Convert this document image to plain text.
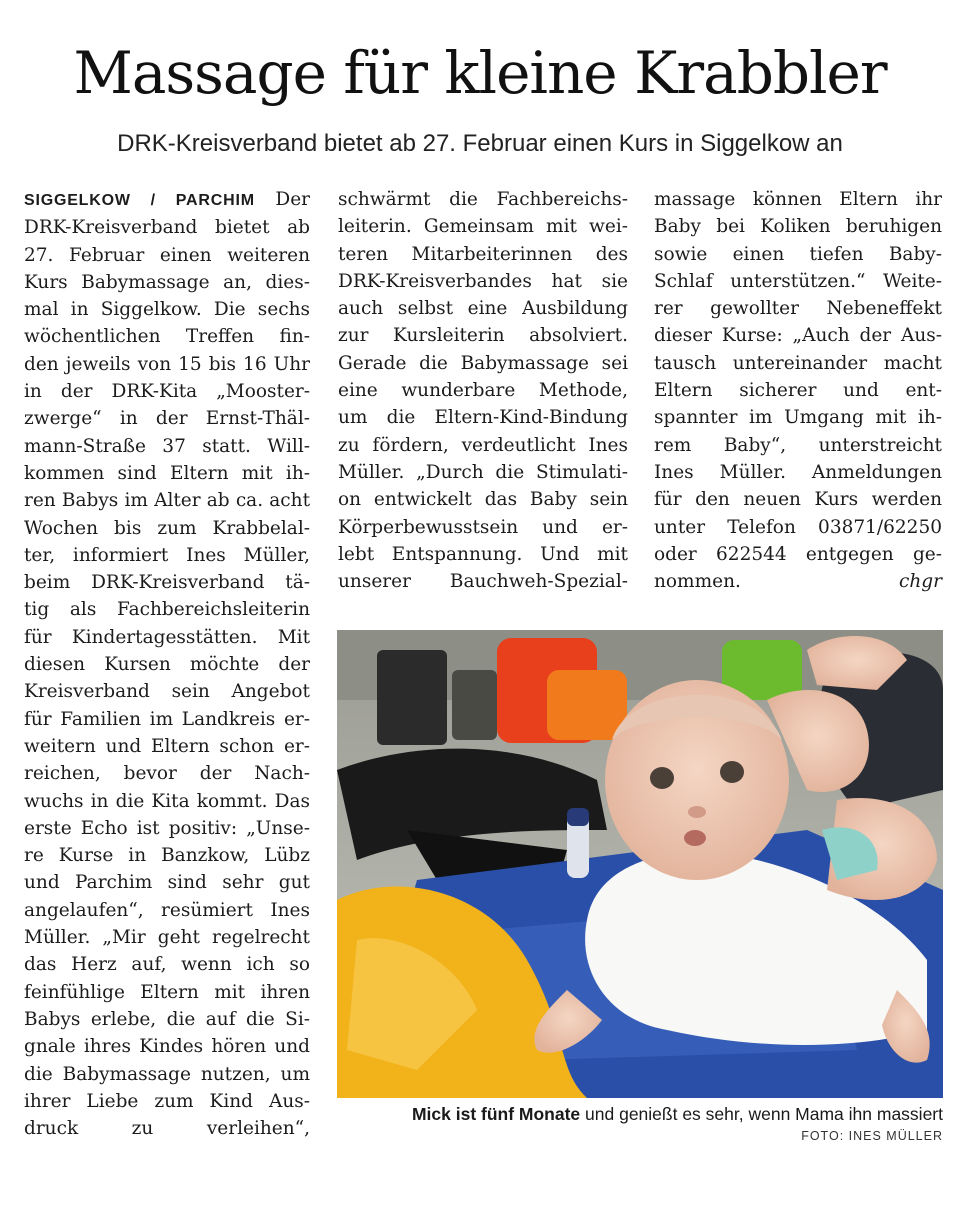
Massage für kleine Krabbler
DRK-Kreisverband bietet ab 27. Februar einen Kurs in Siggelkow an
SIGGELKOW / PARCHIM Der
DRK-Kreisverband bietet ab
27. Februar einen weiteren
Kurs Babymassage an, dies-
mal in Siggelkow. Die sechs
wöchentlichen Treffen fin-
den jeweils von 15 bis 16 Uhr
in der DRK-Kita „Mooster-
zwerge“ in der Ernst-Thäl-
mann-Straße 37 statt. Will-
kommen sind Eltern mit ih-
ren Babys im Alter ab ca. acht
Wochen bis zum Krabbelal-
ter, informiert Ines Müller,
beim DRK-Kreisverband tä-
tig als Fachbereichsleiterin
für Kindertagesstätten. Mit
diesen Kursen möchte der
Kreisverband sein Angebot
für Familien im Landkreis er-
weitern und Eltern schon er-
reichen, bevor der Nach-
wuchs in die Kita kommt. Das
erste Echo ist positiv: „Unse-
re Kurse in Banzkow, Lübz
und Parchim sind sehr gut
angelaufen“, resümiert Ines
Müller. „Mir geht regelrecht
das Herz auf, wenn ich so
feinfühlige Eltern mit ihren
Babys erlebe, die auf die Si-
gnale ihres Kindes hören und
die Babymassage nutzen, um
ihrer Liebe zum Kind Aus-
druck zu verleihen“,
schwärmt die Fachbereichs-
leiterin. Gemeinsam mit wei-
teren Mitarbeiterinnen des
DRK-Kreisverbandes hat sie
auch selbst eine Ausbildung
zur Kursleiterin absolviert.
Gerade die Babymassage sei
eine wunderbare Methode,
um die Eltern-Kind-Bindung
zu fördern, verdeutlicht Ines
Müller. „Durch die Stimulati-
on entwickelt das Baby sein
Körperbewusstsein und er-
lebt Entspannung. Und mit
unserer Bauchweh-Spezial-
massage können Eltern ihr
Baby bei Koliken beruhigen
sowie einen tiefen Baby-
Schlaf unterstützen.“ Weite-
rer gewollter Nebeneffekt
dieser Kurse: „Auch der Aus-
tausch untereinander macht
Eltern sicherer und ent-
spannter im Umgang mit ih-
rem Baby“, unterstreicht
Ines Müller. Anmeldungen
für den neuen Kurs werden
unter Telefon 03871/62250
oder 622544 entgegen ge-
nommen.	chgr
Mick ist fünf Monate und genießt es sehr, wenn Mama ihn massiert
FOTO: INES MÜLLER
